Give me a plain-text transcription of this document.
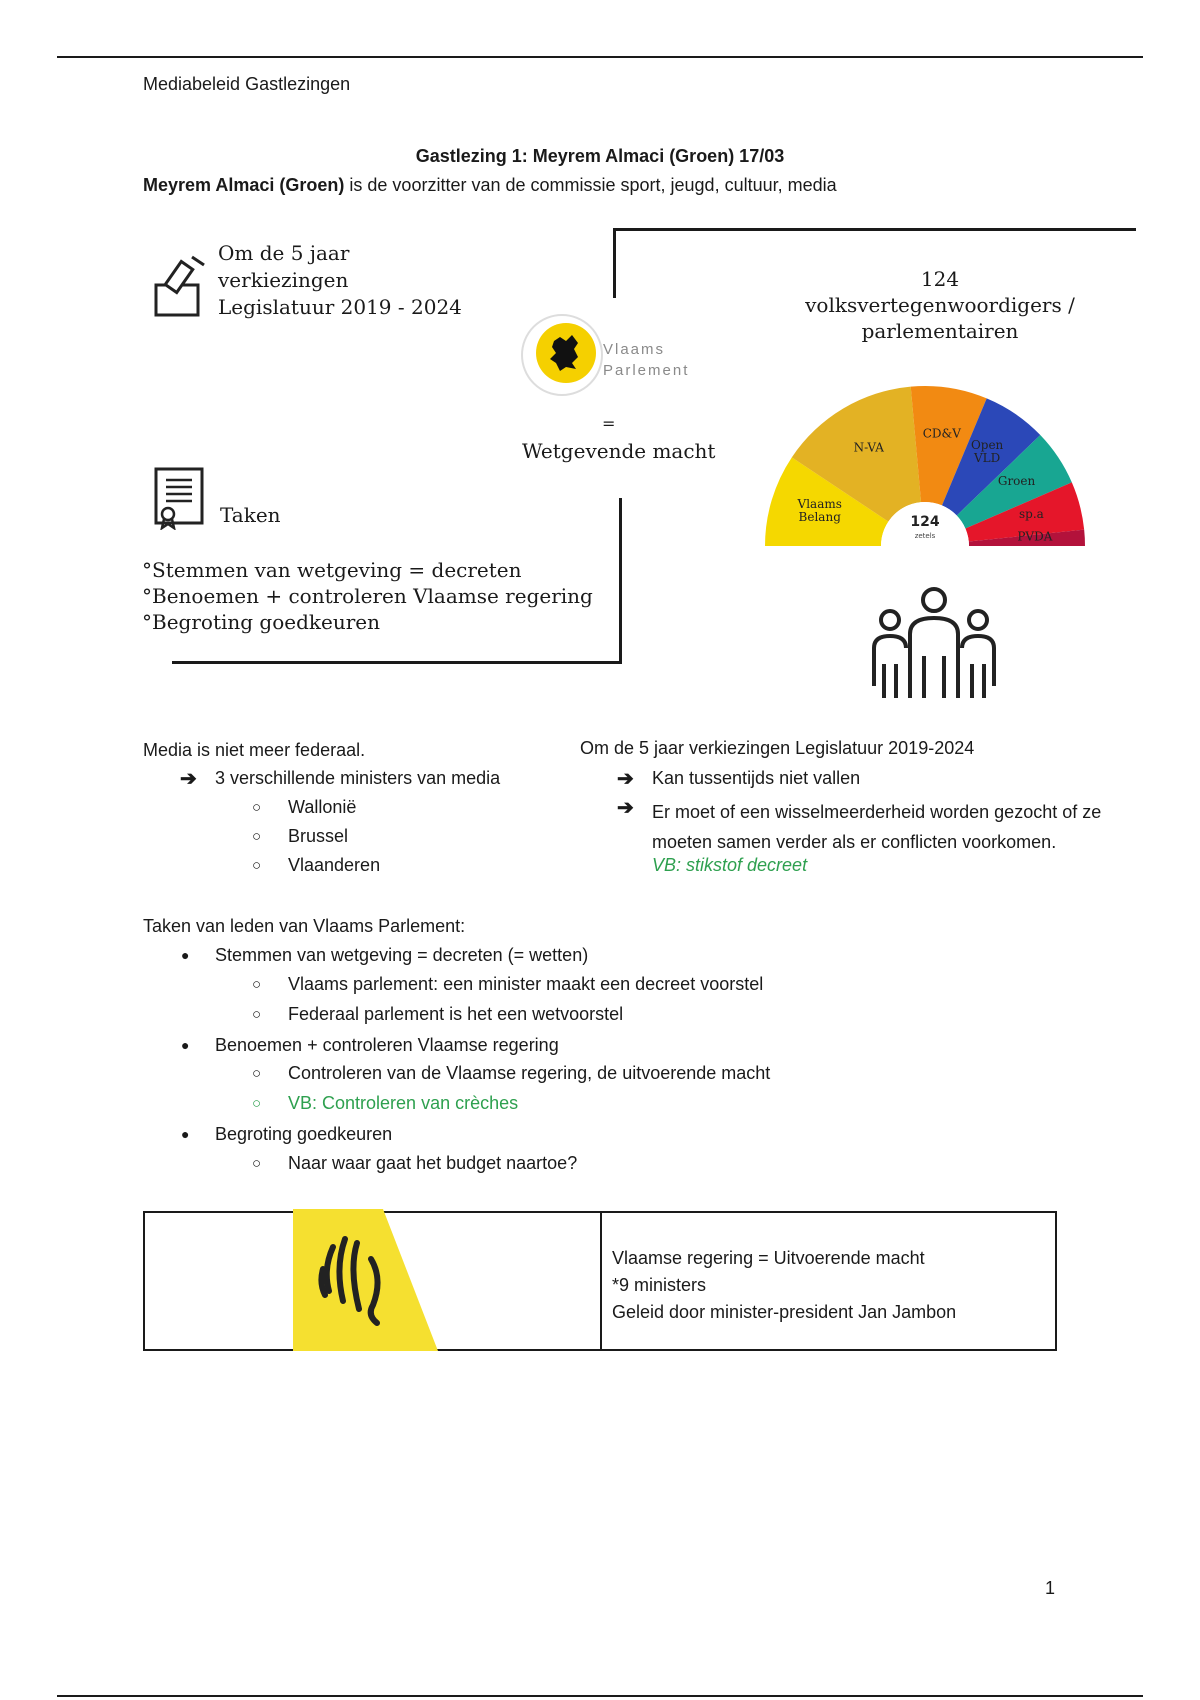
Mediabeleid Gastlezingen
Gastlezing 1: Meyrem Almaci (Groen) 17/03
Meyrem Almaci (Groen) is de voorzitter van de commissie sport, jeugd, cultuur, media
Om de 5 jaar
verkiezingen
Legislatuur 2019 - 2024
Vlaams
Parlement
=
Wetgevende macht
Taken
°Stemmen van wetgeving = decreten
°Benoemen + controleren Vlaamse regering
°Begroting goedkeuren
124
volksvertegenwoordigers /
parlementairen
Vlaams Belang
N-VA
CD&V
Open VLD
Groen
sp.a
PVDA
124
zetels
Media is niet meer federaal.
➔ 3 verschillende ministers van media
○ Wallonië
○ Brussel
○ Vlaanderen
Om de 5 jaar verkiezingen Legislatuur 2019-2024
➔ Kan tussentijds niet vallen
➔ Er moet of een wisselmeerderheid worden gezocht of ze
moeten samen verder als er conflicten voorkomen.
VB: stikstof decreet
Taken van leden van Vlaams Parlement:
● Stemmen van wetgeving = decreten (= wetten)
○ Vlaams parlement: een minister maakt een decreet voorstel
○ Federaal parlement is het een wetvoorstel
● Benoemen + controleren Vlaamse regering
○ Controleren van de Vlaamse regering, de uitvoerende macht
○ VB: Controleren van crèches
● Begroting goedkeuren
○ Naar waar gaat het budget naartoe?
Vlaamse regering = Uitvoerende macht
*9 ministers
Geleid door minister-president Jan Jambon
1
